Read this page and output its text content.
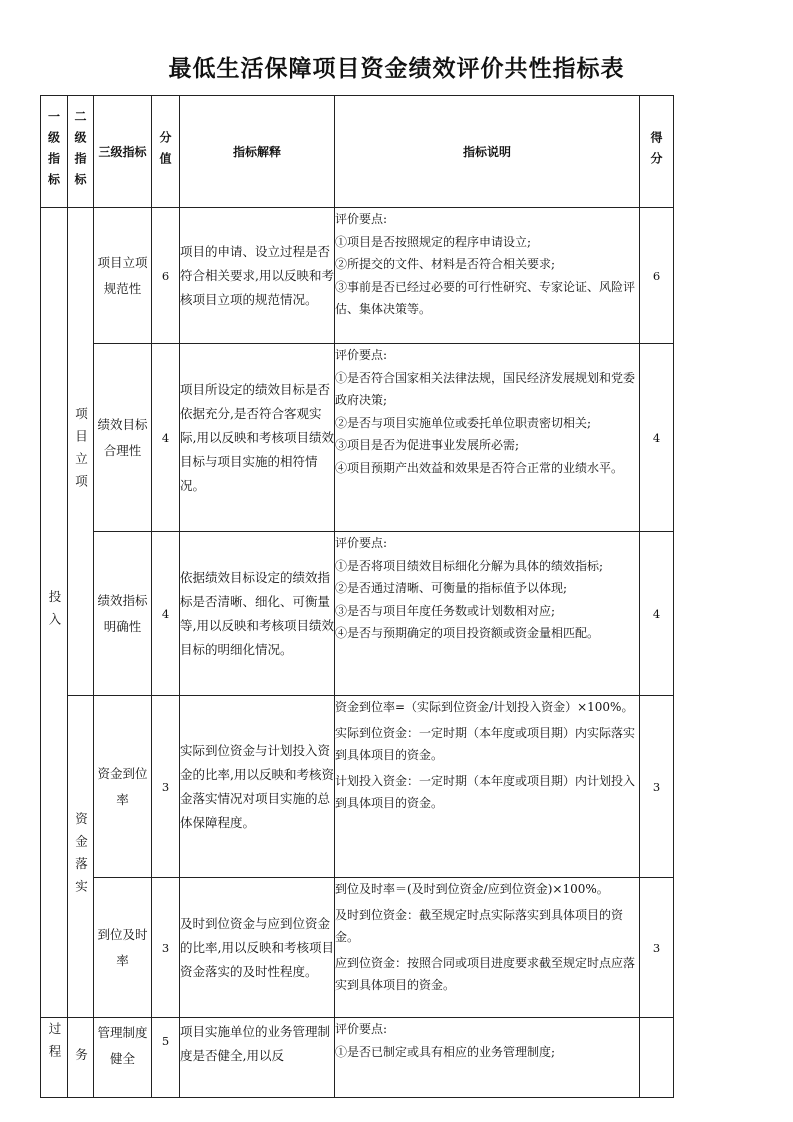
最低生活保障项目资金绩效评价共性指标表
一级指标	二级指标	三级指标	分值	指标解释	指标说明	得分

投入	项目立项	项目立项规范性	6	项目的申请、设立过程是否符合相关要求,用以反映和考核项目立项的规范情况。	评价要点:
①项目是否按照规定的程序申请设立;
②所提交的文件、材料是否符合相关要求;
③事前是否已经过必要的可行性研究、专家论证、风险评估、集体决策等。	6
		绩效目标合理性	4	项目所设定的绩效目标是否依据充分,是否符合客观实际,用以反映和考核项目绩效目标与项目实施的相符情况。	评价要点:
①是否符合国家相关法律法规，国民经济发展规划和党委政府决策;
②是否与项目实施单位或委托单位职责密切相关;
③项目是否为促进事业发展所必需;
④项目预期产出效益和效果是否符合正常的业绩水平。	4
		绩效指标明确性	4	依据绩效目标设定的绩效指标是否清晰、细化、可衡量等,用以反映和考核项目绩效目标的明细化情况。	评价要点:
①是否将项目绩效目标细化分解为具体的绩效指标;
②是否通过清晰、可衡量的指标值予以体现;
③是否与项目年度任务数或计划数相对应;
④是否与预期确定的项目投资额或资金量相匹配。	4

	资金落实	资金到位率	3	实际到位资金与计划投入资金的比率,用以反映和考核资金落实情况对项目实施的总体保障程度。	资金到位率=（实际到位资金/计划投入资金）×100%。
实际到位资金：一定时期（本年度或项目期）内实际落实到具体项目的资金。
计划投入资金：一定时期（本年度或项目期）内计划投入到具体项目的资金。	3
		到位及时率	3	及时到位资金与应到位资金的比率,用以反映和考核项目资金落实的及时性程度。	到位及时率＝(及时到位资金/应到位资金)×100%。
及时到位资金：截至规定时点实际落实到具体项目的资金。
应到位资金：按照合同或项目进度要求截至规定时点应落实到具体项目的资金。	3

过程	务	管理制度健全	5	项目实施单位的业务管理制度是否健全,用以反	评价要点:
①是否已制定或具有相应的业务管理制度;	
